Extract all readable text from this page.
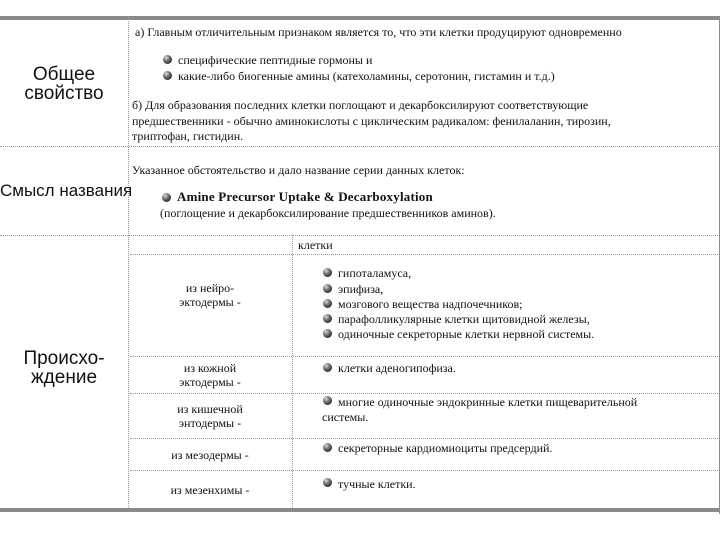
Общее
свойство
а) Главным отличительным признаком является то, что эти клетки продуцируют одновременно
специфические пептидные гормоны и
какие-либо биогенные амины (катехоламины, серотонин, гистамин и т.д.)
б) Для образования последних клетки поглощают и декарбоксилируют соответствующие
предшественники - обычно аминокислоты с циклическим радикалом: фенилаланин, тирозин,
триптофан, гистидин.
Смысл названия
Указанное обстоятельство и дало название серии данных клеток:
Amine Precursor Uptake & Decarboxylation
(поглощение и декарбоксилирование предшественников аминов).
Происхо-
ждение
клетки
из нейро-
эктодермы -
гипоталамуса,
эпифиза,
мозгового вещества надпочечников;
парафолликулярные клетки щитовидной железы,
одиночные секреторные клетки нервной системы.
из кожной
эктодермы -
клетки аденогипофиза.
из кишечной
энтодермы -
многие одиночные эндокринные клетки пищеварительной
системы.
из мезодермы -	секреторные кардиомиоциты предсердий.
из мезенхимы -	тучные клетки.
